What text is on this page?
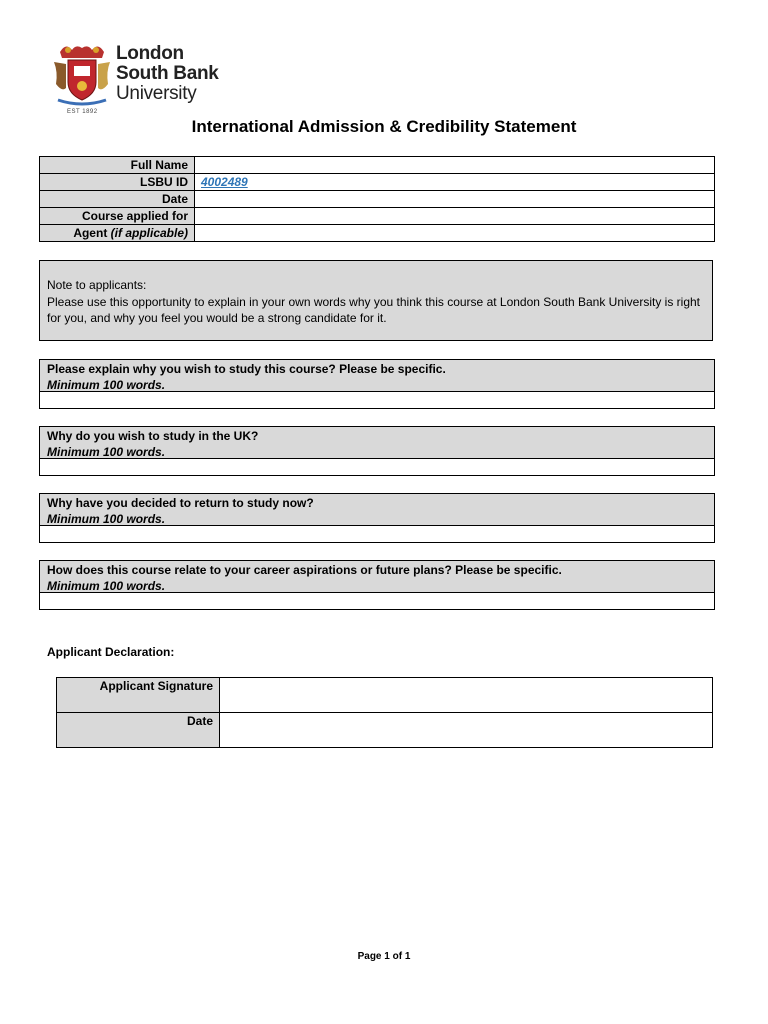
London
South Bank
University
EST 1892
International Admission & Credibility Statement
Full Name	
LSBU ID	4002489
Date	
Course applied for	
Agent (if applicable)	
Note to applicants:
Please use this opportunity to explain in your own words why you think this course at London South Bank University is right for you, and why you feel you would be a strong candidate for it.
Please explain why you wish to study this course? Please be specific.
Minimum 100 words.
Why do you wish to study in the UK?
Minimum 100 words.
Why have you decided to return to study now?
Minimum 100 words.
How does this course relate to your career aspirations or future plans? Please be specific.
Minimum 100 words.
Applicant Declaration:
Applicant Signature	
Date	
Page 1 of 1
